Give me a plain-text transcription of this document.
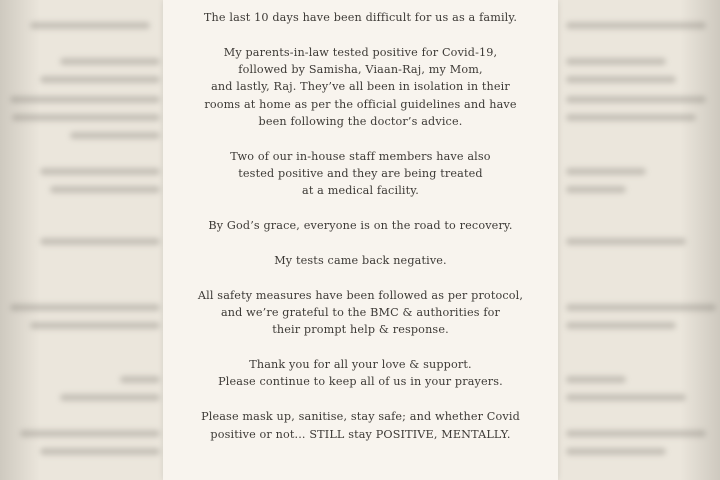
The last 10 days have been difficult for us as a family.

My parents-in-law tested positive for Covid-19,
followed by Samisha, Viaan-Raj, my Mom,
and lastly, Raj. They’ve all been in isolation in their
rooms at home as per the official guidelines and have
been following the doctor’s advice.

Two of our in-house staff members have also
tested positive and they are being treated
at a medical facility.

By God’s grace, everyone is on the road to recovery.

My tests came back negative.

All safety measures have been followed as per protocol,
and we’re grateful to the BMC & authorities for
their prompt help & response.

Thank you for all your love & support.
Please continue to keep all of us in your prayers.

Please mask up, sanitise, stay safe; and whether Covid
positive or not... STILL stay POSITIVE, MENTALLY.
